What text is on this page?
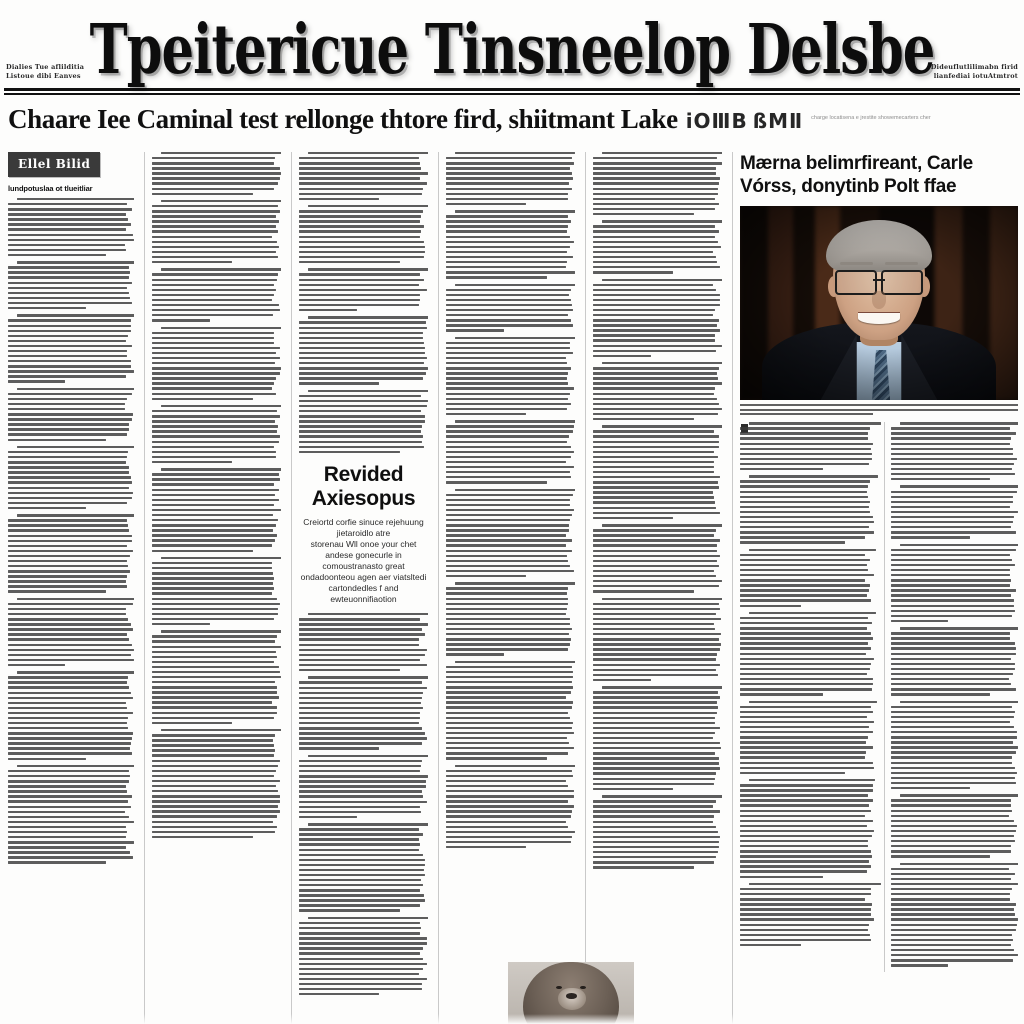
Tpeitericue Tinsneelop Delsbe
Dialies Tue aflilditia
Listoue dibi Eanves
Dideuflutlilimabn firid
lianfediai iotuAtmtrot
Chaare Iee Caminal test rellonge thtore fird, shiitmant Lake iOⅢB ßMⅡ charge locatisena e jrestite showemecarters cher
Ellel Bilid
lundpotuslaa ot tlueitliar
Revided Axiesopus
Creiortd corfie sinuce rejehuung jietaroidlo atre
storenau Wll onoe your chet andese gonecurle in
comoustranasto great ondadoonteou agen aer viatsltedi
cartondedles f and ewteuonnifiaotion
Mærna belimrfireant, Carle
Vórss, donytinb Polt ffae
